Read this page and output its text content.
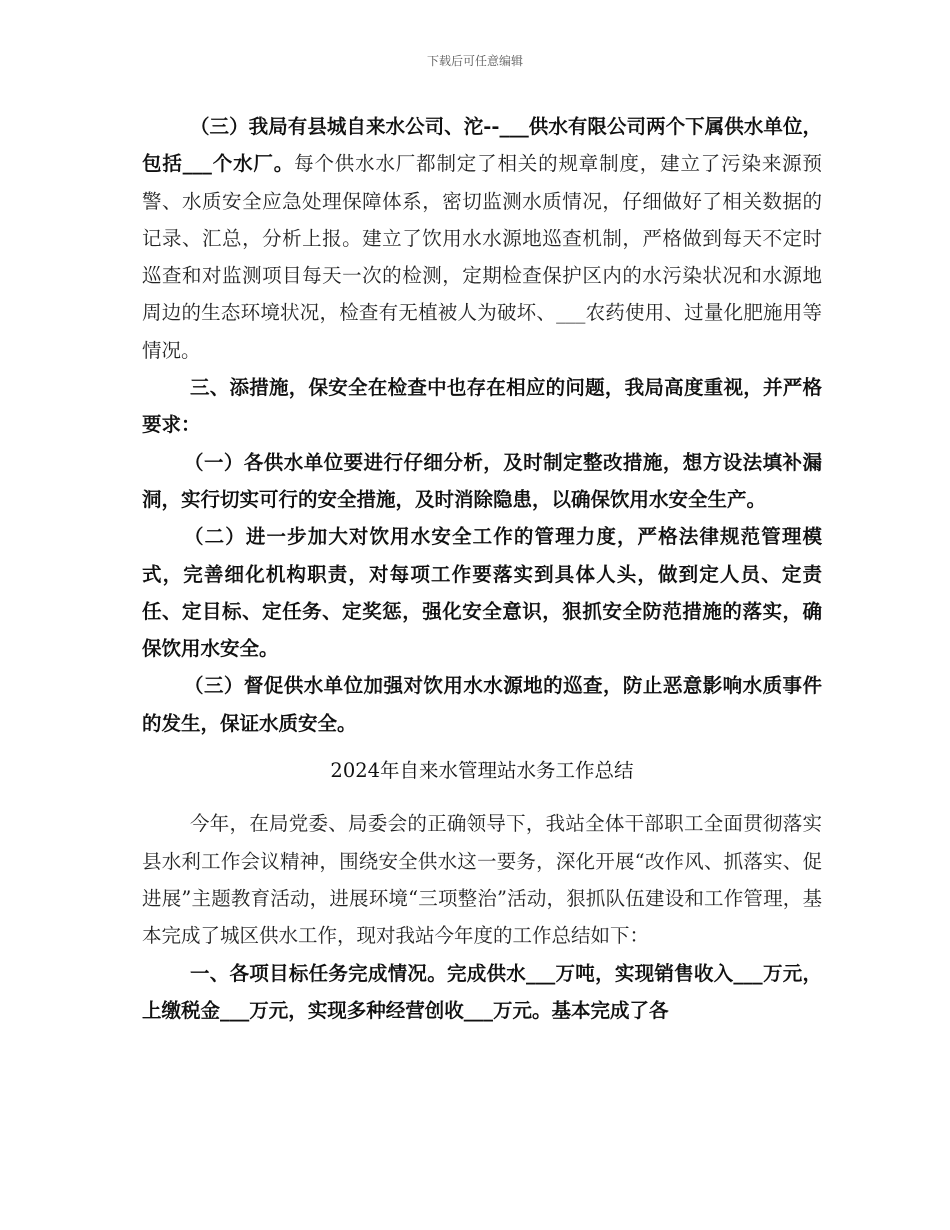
下载后可任意编辑

（三）我局有县城自来水公司、沱--___供水有限公司两个下属供水单位，包括___个水厂。每个供水水厂都制定了相关的规章制度，建立了污染来源预警、水质安全应急处理保障体系，密切监测水质情况，仔细做好了相关数据的记录、汇总，分析上报。建立了饮用水水源地巡查机制，严格做到每天不定时巡查和对监测项目每天一次的检测，定期检查保护区内的水污染状况和水源地周边的生态环境状况，检查有无植被人为破坏、___农药使用、过量化肥施用等情况。

三、添措施，保安全在检查中也存在相应的问题，我局高度重视，并严格要求：

（一）各供水单位要进行仔细分析，及时制定整改措施，想方设法填补漏洞，实行切实可行的安全措施，及时消除隐患，以确保饮用水安全生产。

（二）进一步加大对饮用水安全工作的管理力度，严格法律规范管理模式，完善细化机构职责，对每项工作要落实到具体人头，做到定人员、定责任、定目标、定任务、定奖惩，强化安全意识，狠抓安全防范措施的落实，确保饮用水安全。

（三）督促供水单位加强对饮用水水源地的巡查，防止恶意影响水质事件的发生，保证水质安全。

2024年自来水管理站水务工作总结

今年，在局党委、局委会的正确领导下，我站全体干部职工全面贯彻落实县水利工作会议精神，围绕安全供水这一要务，深化开展“改作风、抓落实、促进展”主题教育活动，进展环境“三项整治”活动，狠抓队伍建设和工作管理，基本完成了城区供水工作，现对我站今年度的工作总结如下：

一、各项目标任务完成情况。完成供水___万吨，实现销售收入___万元，上缴税金___万元，实现多种经营创收___万元。基本完成了各
